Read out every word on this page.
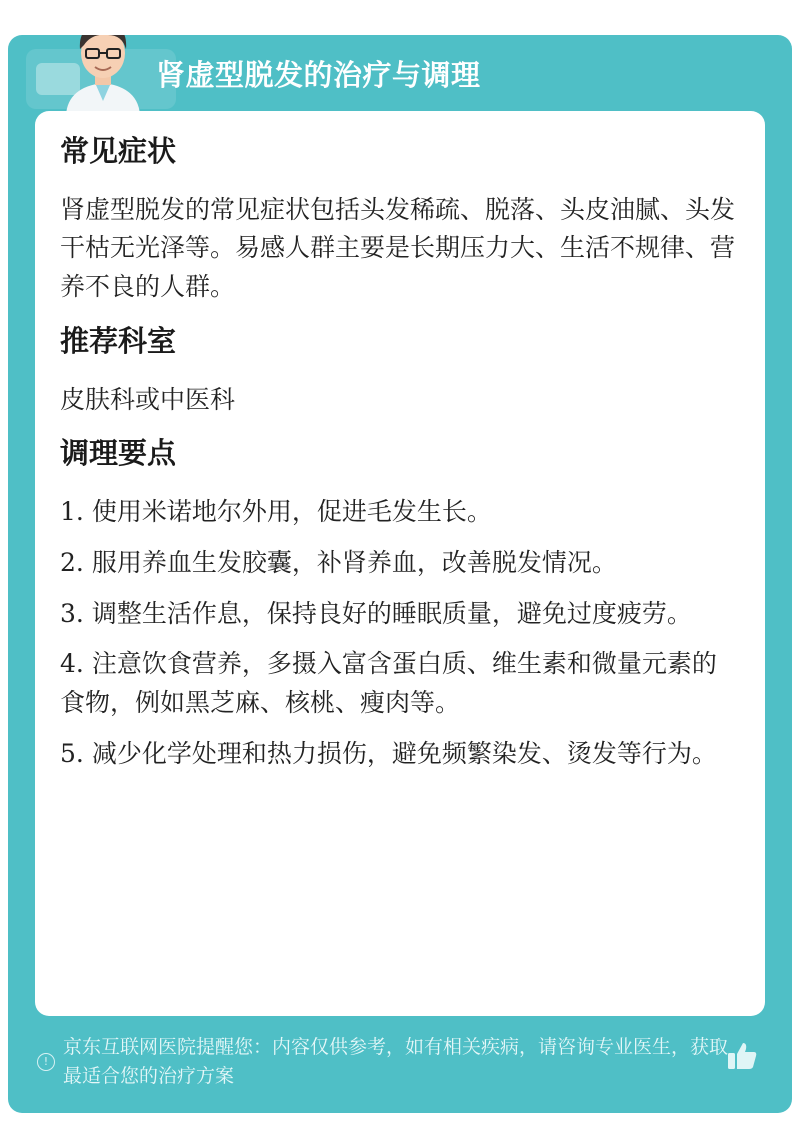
肾虚型脱发的治疗与调理
常见症状
肾虚型脱发的常见症状包括头发稀疏、脱落、头皮油腻、头发干枯无光泽等。易感人群主要是长期压力大、生活不规律、营养不良的人群。
推荐科室
皮肤科或中医科
调理要点
1. 使用米诺地尔外用，促进毛发生长。
2. 服用养血生发胶囊，补肾养血，改善脱发情况。
3. 调整生活作息，保持良好的睡眠质量，避免过度疲劳。
4. 注意饮食营养，多摄入富含蛋白质、维生素和微量元素的食物，例如黑芝麻、核桃、瘦肉等。
5. 减少化学处理和热力损伤，避免频繁染发、烫发等行为。
!
京东互联网医院提醒您：内容仅供参考，如有相关疾病，请咨询专业医生，获取最适合您的治疗方案
